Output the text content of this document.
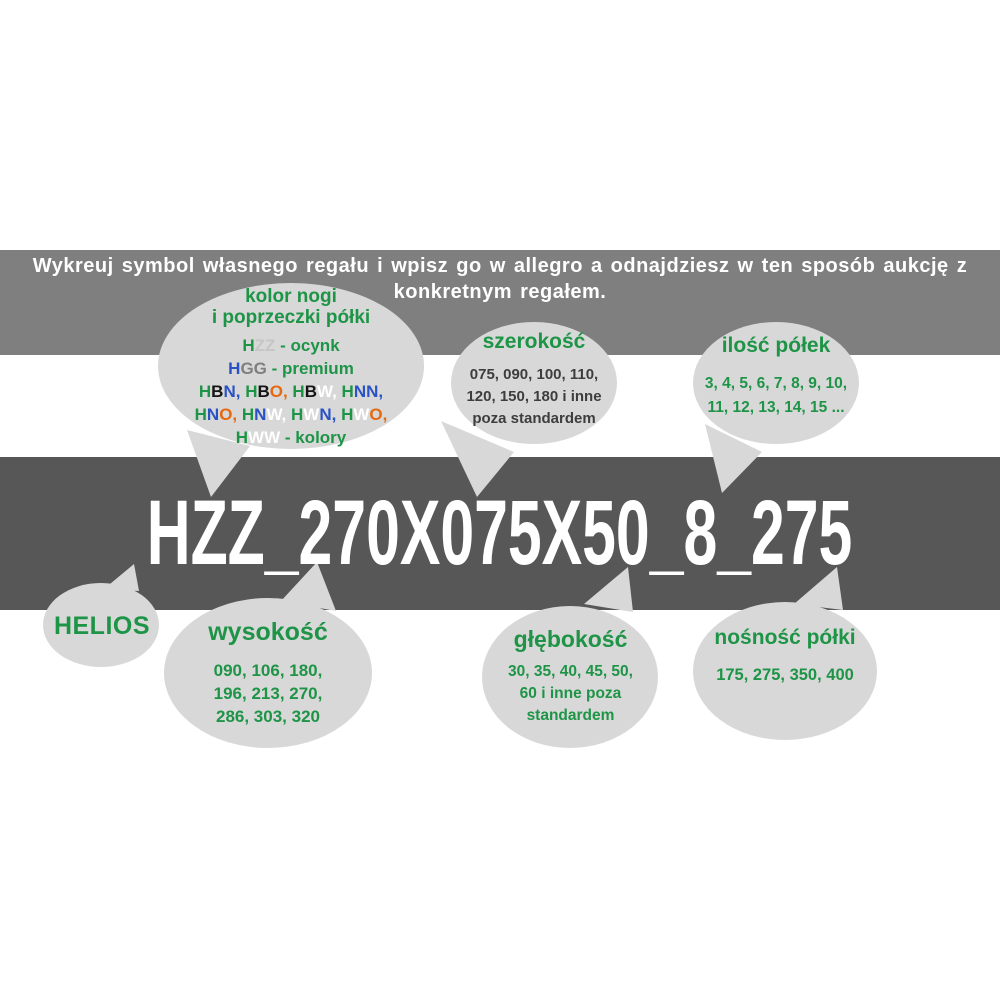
Wykreuj symbol własnego regału i wpisz go w allegro a odnajdziesz w ten sposób aukcję z
konkretnym regałem.
HZZ_270X075X50_8_275
kolor nogi
i poprzeczki półki
HZZ - ocynk
HGG - premium
HBN, HBO, HBW, HNN,
HNO, HNW, HWN, HWO,
HWW - kolory
szerokość
075, 090, 100, 110,
120, 150, 180 i inne
poza standardem
ilość półek
3, 4, 5, 6, 7, 8, 9, 10,
11, 12, 13, 14, 15 ...
HELIOS	wysokość
090, 106, 180,
196, 213, 270,
286, 303, 320
głębokość
30, 35, 40, 45, 50,
60 i inne poza
standardem
nośność półki
175, 275, 350, 400
